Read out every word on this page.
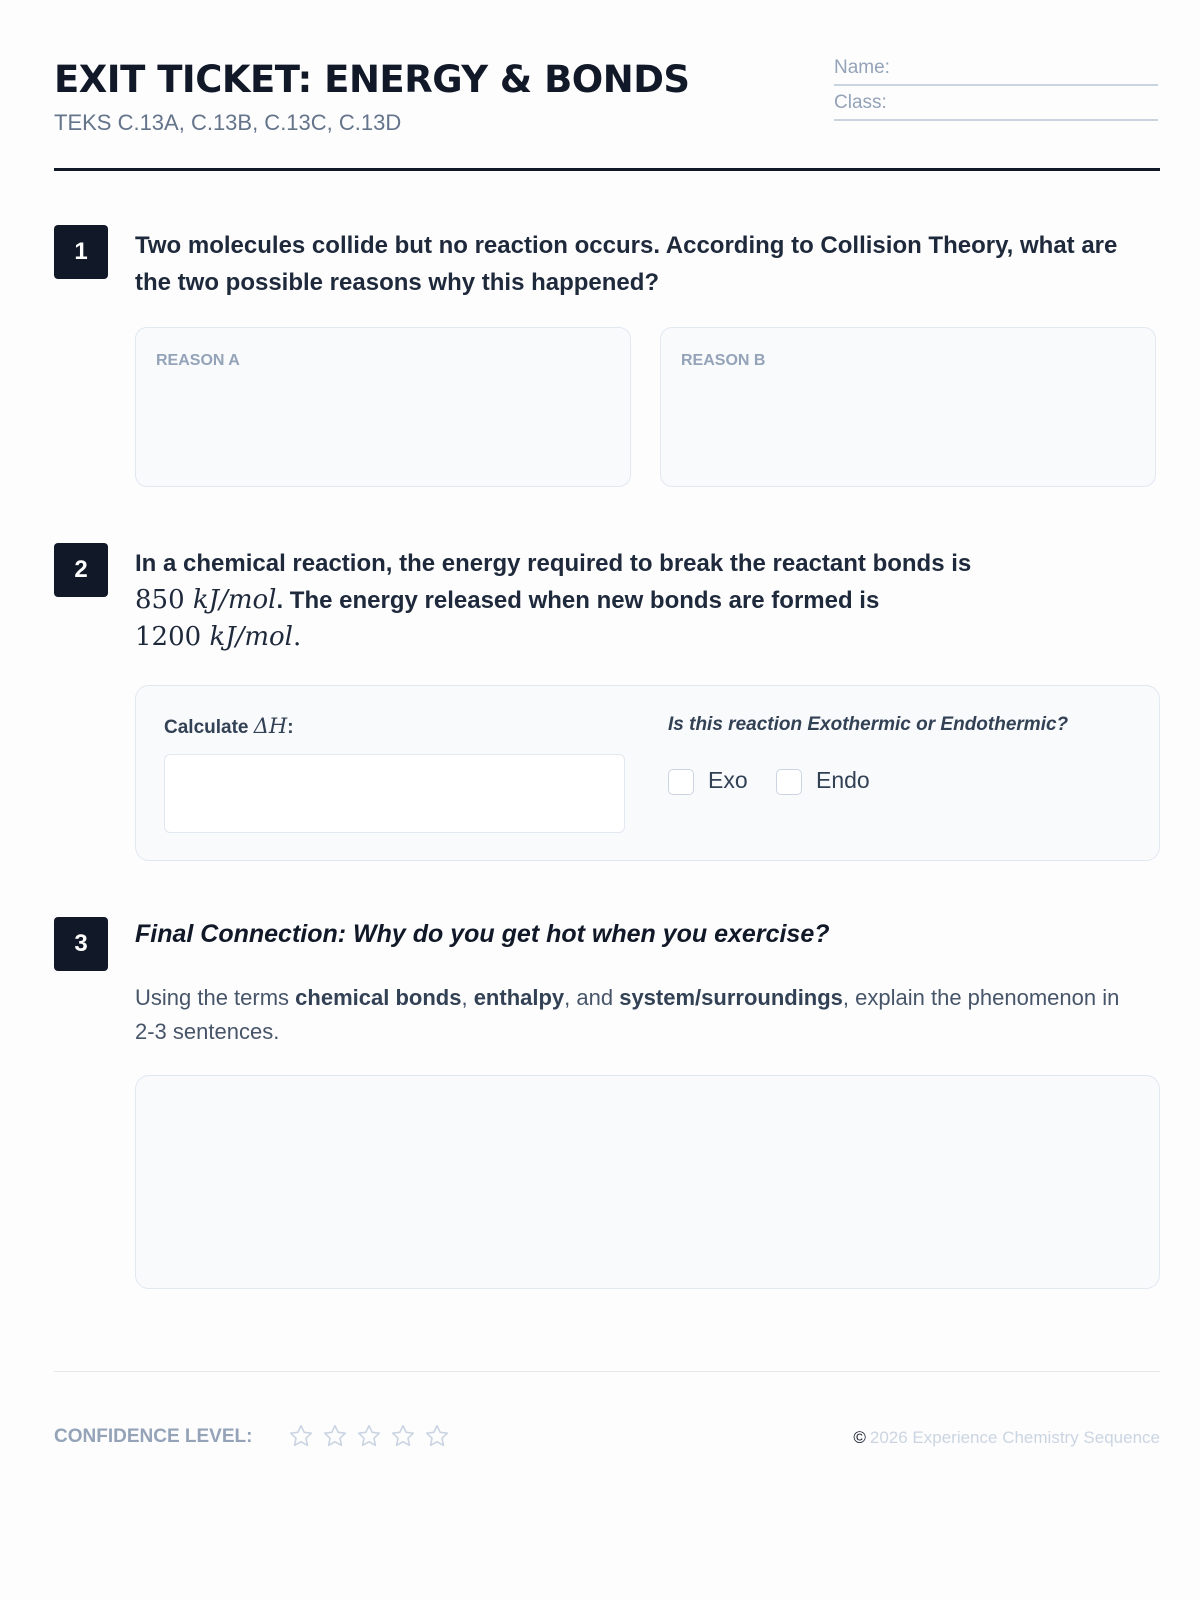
EXIT TICKET: ENERGY & BONDS
TEKS C.13A, C.13B, C.13C, C.13D
Name:
Class:
1	Two molecules collide but no reaction occurs. According to Collision Theory, what are the two possible reasons why this happened?
REASON A	REASON B
2	In a chemical reaction, the energy required to break the reactant bonds is
850 kJ/mol. The energy released when new bonds are formed is
1200 kJ/mol.
Calculate ΔH:	Is this reaction Exothermic or Endothermic?
Exo	Endo
3	Final Connection: Why do you get hot when you exercise?
Using the terms chemical bonds, enthalpy, and system/surroundings, explain the phenomenon in 2-3 sentences.
CONFIDENCE LEVEL:	© 2026 Experience Chemistry Sequence
